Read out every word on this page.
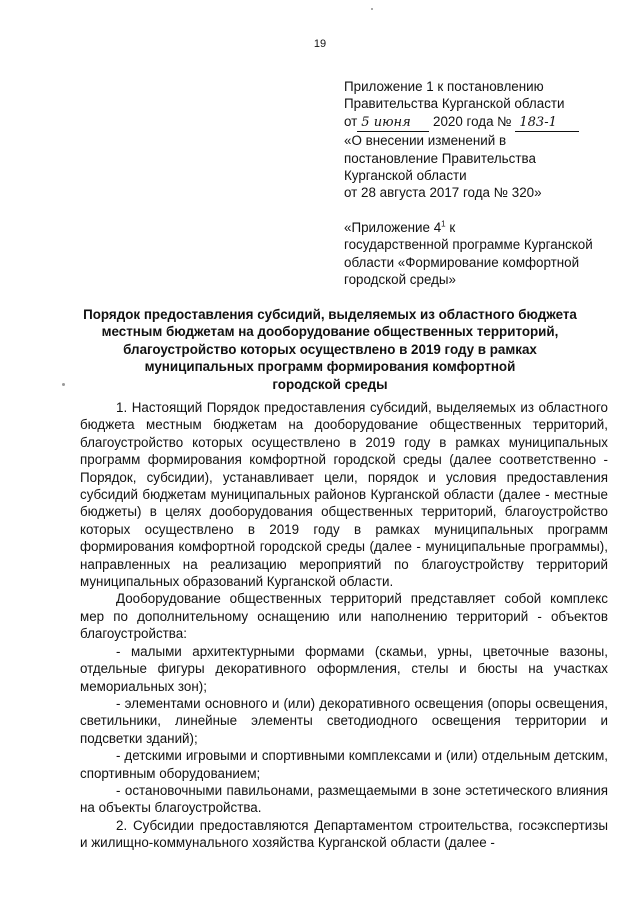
19
Приложение 1 к постановлению
Правительства Курганской области
от 5 июня 2020 года № 183-1
«О внесении изменений в
постановление Правительства
Курганской области
от 28 августа 2017 года № 320»
«Приложение $4^1$ к
государственной программе Курганской
области «Формирование комфортной
городской среды»
Порядок предоставления субсидий, выделяемых из областного бюджета
местным бюджетам на дооборудование общественных территорий,
благоустройство которых осуществлено в 2019 году в рамках
муниципальных программ формирования комфортной
городской среды

1. Настоящий Порядок предоставления субсидий, выделяемых из областного бюджета местным бюджетам на дооборудование общественных территорий, благоустройство которых осуществлено в 2019 году в рамках муниципальных программ формирования комфортной городской среды (далее соответственно - Порядок, субсидии), устанавливает цели, порядок и условия предоставления субсидий бюджетам муниципальных районов Курганской области (далее - местные бюджеты) в целях дооборудования общественных территорий, благоустройство которых осуществлено в 2019 году в рамках муниципальных программ формирования комфортной городской среды (далее - муниципальные программы), направленных на реализацию мероприятий по благоустройству территорий муниципальных образований Курганской области.

Дооборудование общественных территорий представляет собой комплекс мер по дополнительному оснащению или наполнению территорий - объектов благоустройства:

- малыми архитектурными формами (скамьи, урны, цветочные вазоны, отдельные фигуры декоративного оформления, стелы и бюсты на участках мемориальных зон);

- элементами основного и (или) декоративного освещения (опоры освещения, светильники, линейные элементы светодиодного освещения территории и подсветки зданий);

- детскими игровыми и спортивными комплексами и (или) отдельным детским, спортивным оборудованием;

- остановочными павильонами, размещаемыми в зоне эстетического влияния на объекты благоустройства.

2. Субсидии предоставляются Департаментом строительства, госэкспертизы и жилищно-коммунального хозяйства Курганской области (далее -
